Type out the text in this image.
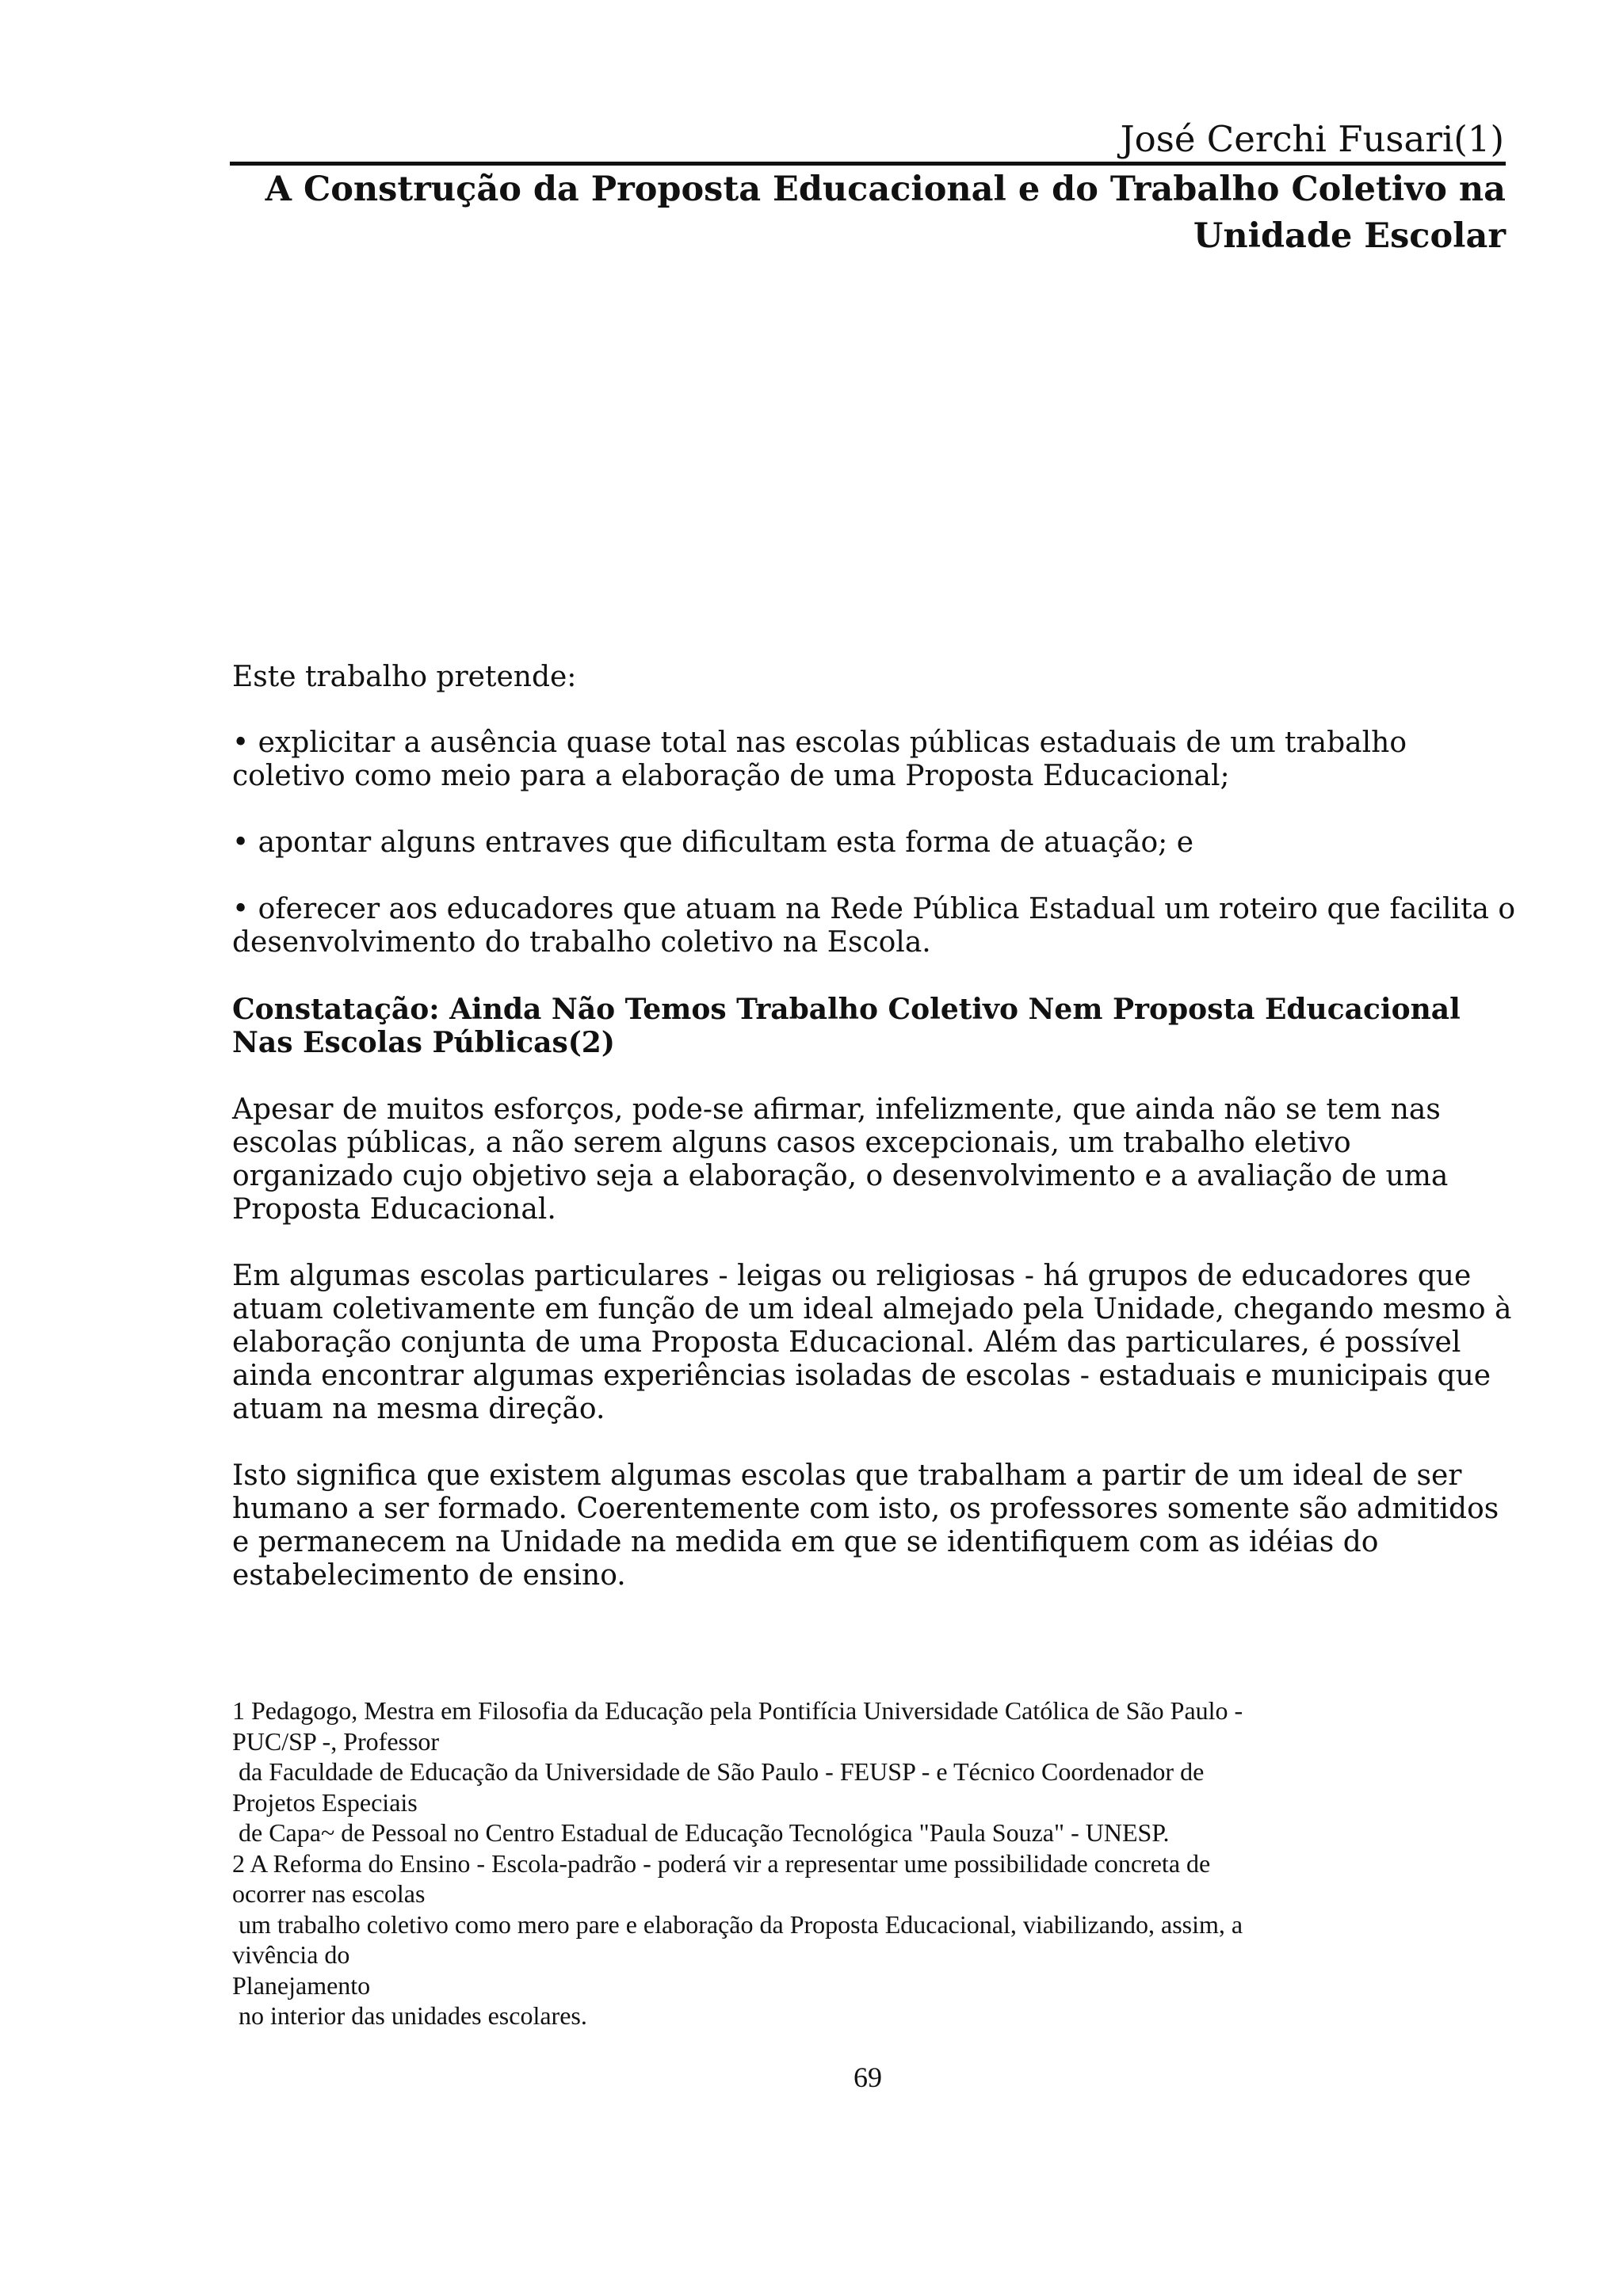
José Cerchi Fusari(1)
A Construção da Proposta Educacional e do Trabalho Coletivo na Unidade Escolar

Este trabalho pretende:

• explicitar a ausência quase total nas escolas públicas estaduais de um trabalho coletivo como meio para a elaboração de uma Proposta Educacional;

• apontar alguns entraves que dificultam esta forma de atuação; e

• oferecer aos educadores que atuam na Rede Pública Estadual um roteiro que facilita o desenvolvimento do trabalho coletivo na Escola.

Constatação: Ainda Não Temos Trabalho Coletivo Nem Proposta Educacional Nas Escolas Públicas(2)

Apesar de muitos esforços, pode-se afirmar, infelizmente, que ainda não se tem nas escolas públicas, a não serem alguns casos excepcionais, um trabalho eletivo organizado cujo objetivo seja a elaboração, o desenvolvimento e a avaliação de uma Proposta Educacional.

Em algumas escolas particulares - leigas ou religiosas - há grupos de educadores que atuam coletivamente em função de um ideal almejado pela Unidade, chegando mesmo à elaboração conjunta de uma Proposta Educacional. Além das particulares, é possível ainda encontrar algumas experiências isoladas de escolas - estaduais e municipais que atuam na mesma direção.

Isto significa que existem algumas escolas que trabalham a partir de um ideal de ser humano a ser formado. Coerentemente com isto, os professores somente são admitidos e permanecem na Unidade na medida em que se identifiquem com as idéias do estabelecimento de ensino.

1 Pedagogo, Mestra em Filosofia da Educação pela Pontifícia Universidade Católica de São Paulo -
PUC/SP -, Professor
da Faculdade de Educação da Universidade de São Paulo - FEUSP - e Técnico Coordenador de
Projetos Especiais
de Capa~ de Pessoal no Centro Estadual de Educação Tecnológica "Paula Souza" - UNESP.
2 A Reforma do Ensino - Escola-padrão - poderá vir a representar ume possibilidade concreta de
ocorrer nas escolas
um trabalho coletivo como mero pare e elaboração da Proposta Educacional, viabilizando, assim, a
vivência do
Planejamento
no interior das unidades escolares.
69
